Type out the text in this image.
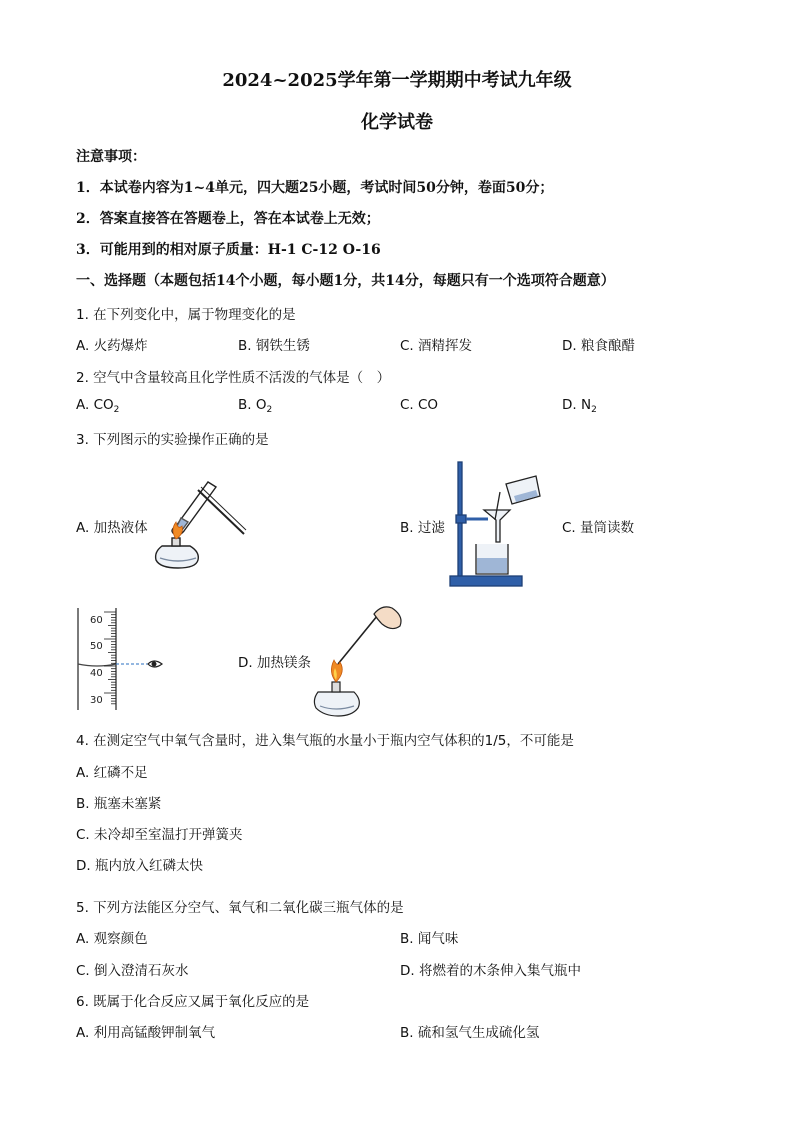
2024~2025学年第一学期期中考试九年级
化学试卷
注意事项：
1．本试卷内容为1~4单元，四大题25小题，考试时间50分钟，卷面50分；
2．答案直接答在答题卷上，答在本试卷上无效；
3．可能用到的相对原子质量：H-1 C-12 O-16
一、选择题（本题包括14个小题，每小题1分，共14分，每题只有一个选项符合题意）
1. 在下列变化中，属于物理变化的是
A. 火药爆炸	B. 钢铁生锈	C. 酒精挥发	D. 粮食酿醋
2. 空气中含量较高且化学性质不活泼的气体是（　）
A. $CO_2$	B. $O_2$	C. CO	D. $N_2$
3. 下列图示的实验操作正确的是
A. 加热液体	B. 过滤	C. 量筒读数
D. 加热镁条
60
50
40
30
4. 在测定空气中氧气含量时，进入集气瓶的水量小于瓶内空气体积的1/5，不可能是
A. 红磷不足
B. 瓶塞未塞紧
C. 未冷却至室温打开弹簧夹
D. 瓶内放入红磷太快
5. 下列方法能区分空气、氧气和二氧化碳三瓶气体的是
A. 观察颜色	B. 闻气味
C. 倒入澄清石灰水	D. 将燃着的木条伸入集气瓶中
6. 既属于化合反应又属于氧化反应的是
A. 利用高锰酸钾制氧气	B. 硫和氢气生成硫化氢
